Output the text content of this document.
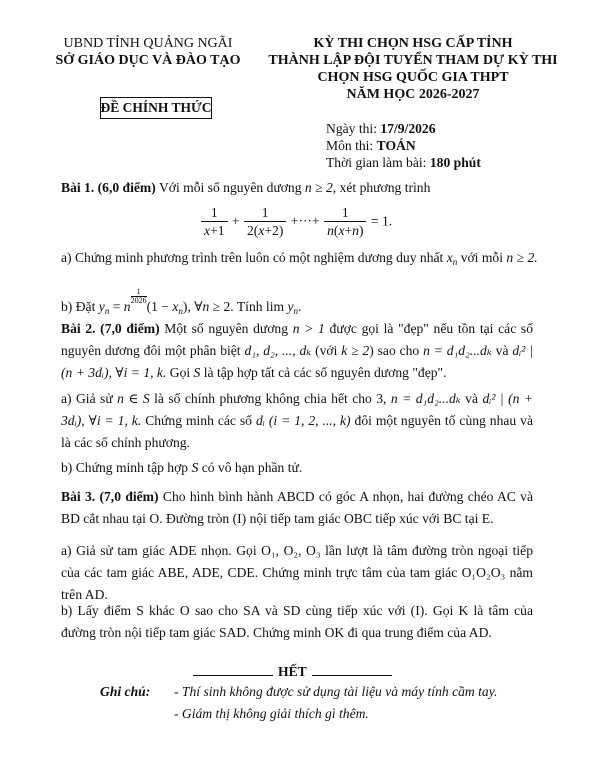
UBND TỈNH QUẢNG NGÃI
SỞ GIÁO DỤC VÀ ĐÀO TẠO
ĐỀ CHÍNH THỨC
KỲ THI CHỌN HSG CẤP TỈNH
THÀNH LẬP ĐỘI TUYỂN THAM DỰ KỲ THI
CHỌN HSG QUỐC GIA THPT
NĂM HỌC 2026-2027
Ngày thi: 17/9/2026
Môn thi: TOÁN
Thời gian làm bài: 180 phút
Bài 1. (6,0 điểm) Với mỗi số nguyên dương n ≥ 2, xét phương trình
$\frac{1}{x+1} + \frac{1}{2(x+2)}$ +···+ $\frac{1}{n(x+n)} = 1$.
a) Chứng minh phương trình trên luôn có một nghiệm dương duy nhất $x_n$ với mỗi n ≥ 2.
b) Đặt $y_n = n$
$\frac{1}{2026}$
$(1 - x_n)$, ∀n ≥ 2. Tính $\lim y_n$.
Bài 2. (7,0 điểm) Một số nguyên dương n > 1 được gọi là "đẹp" nếu tồn tại các số nguyên dương đôi một phân biệt d₁, d₂, ..., dₖ (với k ≥ 2) sao cho n = d₁d₂...dₖ và dᵢ² | (n + 3dᵢ), ∀i = 1, k. Gọi S là tập hợp tất cả các số nguyên dương "đẹp".
a) Giả sử n ∈ S là số chính phương không chia hết cho 3, n = d₁d₂...dₖ và dᵢ² | (n + 3dᵢ), ∀i = 1, k. Chứng minh các số dᵢ (i = 1, 2, ..., k) đôi một nguyên tố cùng nhau và là các số chính phương.
b) Chứng minh tập hợp S có vô hạn phần tử.
Bài 3. (7,0 điểm) Cho hình bình hành ABCD có góc A nhọn, hai đường chéo AC và BD cắt nhau tại O. Đường tròn (I) nội tiếp tam giác OBC tiếp xúc với BC tại E.
a) Giả sử tam giác ADE nhọn. Gọi O₁, O₂, O₃ lần lượt là tâm đường tròn ngoại tiếp của các tam giác ABE, ADE, CDE. Chứng minh trực tâm của tam giác O₁O₂O₃ nằm trên AD.
b) Lấy điểm S khác O sao cho SA và SD cùng tiếp xúc với (I). Gọi K là tâm của đường tròn nội tiếp tam giác SAD. Chứng minh OK đi qua trung điểm của AD.
HẾT
Ghi chú: - Thí sinh không được sử dụng tài liệu và máy tính cầm tay.
- Giám thị không giải thích gì thêm.
